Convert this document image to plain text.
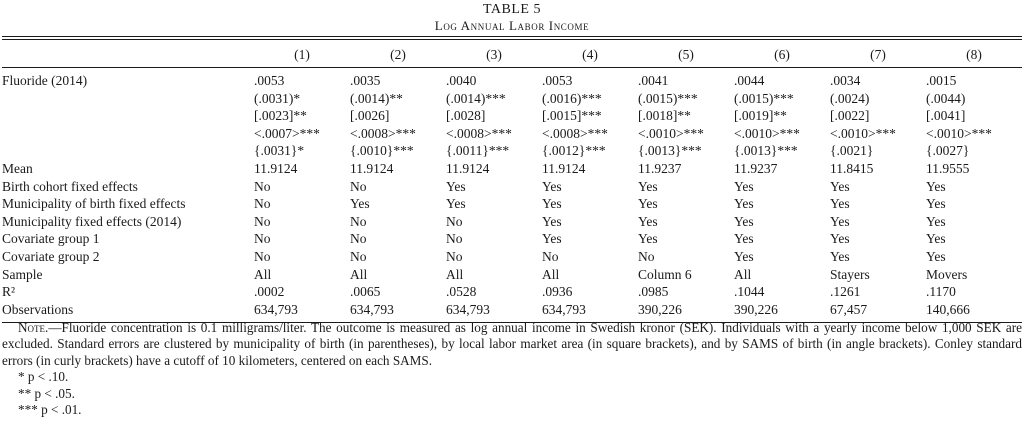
TABLE 5
Log Annual Labor Income
	(1)	(2)	(3)	(4)	(5)	(6)	(7)	(8)

Fluoride (2014)	.0053	.0035	.0040	.0053	.0041	.0044	.0034	.0015
	(.0031)*	(.0014)**	(.0014)***	(.0016)***	(.0015)***	(.0015)***	(.0024)	(.0044)
	[.0023]**	[.0026]	[.0028]	[.0015]***	[.0018]**	[.0019]**	[.0022]	[.0041]
	<.0007>***	<.0008>***	<.0008>***	<.0008>***	<.0010>***	<.0010>***	<.0010>***	<.0010>***
	{.0031}*	{.0010}***	{.0011}***	{.0012}***	{.0013}***	{.0013}***	{.0021}	{.0027}
Mean	11.9124	11.9124	11.9124	11.9124	11.9237	11.9237	11.8415	11.9555
Birth cohort fixed effects	No	No	Yes	Yes	Yes	Yes	Yes	Yes
Municipality of birth fixed effects	No	Yes	Yes	Yes	Yes	Yes	Yes	Yes
Municipality fixed effects (2014)	No	No	No	Yes	Yes	Yes	Yes	Yes
Covariate group 1	No	No	No	Yes	Yes	Yes	Yes	Yes
Covariate group 2	No	No	No	No	No	Yes	Yes	Yes
Sample	All	All	All	All	Column 6	All	Stayers	Movers
R²	.0002	.0065	.0528	.0936	.0985	.1044	.1261	.1170
Observations	634,793	634,793	634,793	634,793	390,226	390,226	67,457	140,666

Note.—Fluoride concentration is 0.1 milligrams/liter. The outcome is measured as log annual income in Swedish kronor (SEK). Individuals with a yearly income below 1,000 SEK are excluded. Standard errors are clustered by municipality of birth (in parentheses), by local labor market area (in square brackets), and by SAMS of birth (in angle brackets). Conley standard errors (in curly brackets) have a cutoff of 10 kilometers, centered on each SAMS.

* p < .10.

** p < .05.

*** p < .01.
